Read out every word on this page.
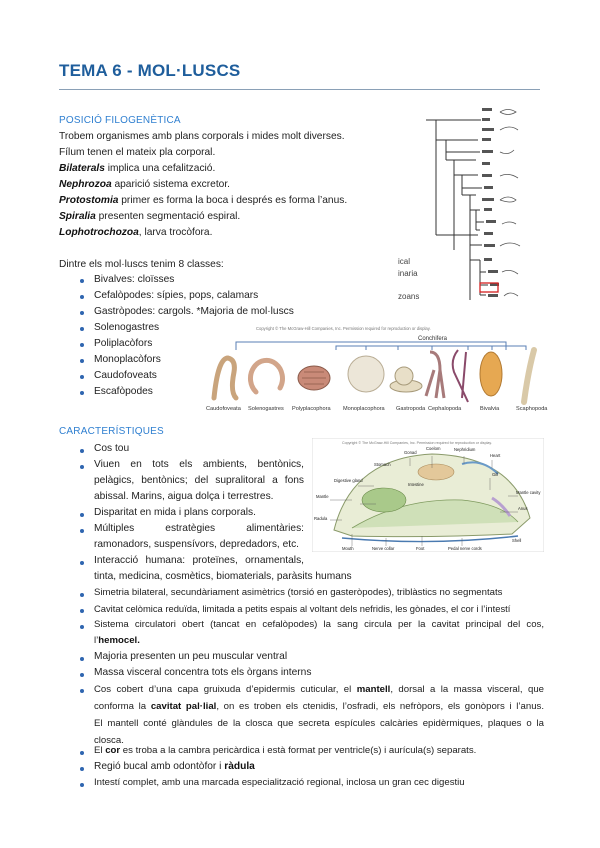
TEMA 6 - MOL·LUSCS
POSICIÓ FILOGENÈTICA
Trobem organismes amb plans corporals i mides molt diverses.
Fílum tenen el mateix pla corporal.
Bilaterals implica una cefalització.
Nephrozoa aparició sistema excretor.
Protostomia primer es forma la boca i després es forma l’anus.
Spiralia presenten segmentació espiral.
Lophotrochozoa, larva trocòfora.
Dintre els mol·luscs tenim 8 classes:
Bivalves: cloïsses
Cefalòpodes: sípies, pops, calamars
Gastròpodes: cargols. *Majoria de mol·luscs
Solenogastres
Poliplacòfors
Monoplacòfors
Caudofoveats
Escafòpodes
ical
inaria
zoans
Copyright © The McGraw-Hill Companies, Inc. Permission required for reproduction or display.
Conchifera
Caudofoveata Solenogastres Polyplacophora Monoplacophora Gastropoda Cephalopoda	Bivalvia	Scaphopoda
CARACTERÍSTIQUES
Cos tou
Viuen en tots els ambients, bentònics,
pelàgics, bentònics; del supralitoral a fons
abissal. Marins, aigua dolça i terrestres.
Disparitat en mida i plans corporals.
Múltiples estratègies alimentàries:
ramonadors, suspensívors, depredadors, etc.
Interacció humana: proteïnes, ornamentals,
tinta, medicina, cosmètics, biomaterials, paràsits humans
Simetria bilateral, secundàriament asimètrics (torsió en gasteròpodes), triblàstics no segmentats
Cavitat celòmica reduïda, limitada a petits espais al voltant dels nefridis, les gònades, el cor i l’intestí
Sistema circulatori obert (tancat en cefalòpodes) la sang circula per la cavitat principal del cos,
l’hemocel.
Majoria presenten un peu muscular ventral
Massa visceral concentra tots els òrgans interns
Cos cobert d’una capa gruixuda d’epidermis cuticular, el mantell, dorsal a la massa visceral, que
conforma la cavitat pal·lial, on es troben els ctenidis, l’osfradi, els nefròpors, els gonòpors i l’anus.
El mantell conté glàndules de la closca que secreta espícules calcàries epidèrmiques, plaques o la
closca.
El cor es troba a la cambra pericàrdica i està format per ventricle(s) i aurícula(s) separats.
Regió bucal amb odontòfor i ràdula
Intestí complet, amb una marcada especialització regional, inclosa un gran cec digestiu
Copyright © The McGraw-Hill Companies, Inc. Permission required for reproduction or display.
Gonad
Coelom	Nephridium
Heart
Gill
Mantle cavity
Anus
Shell
Digestive gland
Stomach
Intestine
Mantle
Radula
Mouth	Nerve collar	Foot	Pedal nerve cords
